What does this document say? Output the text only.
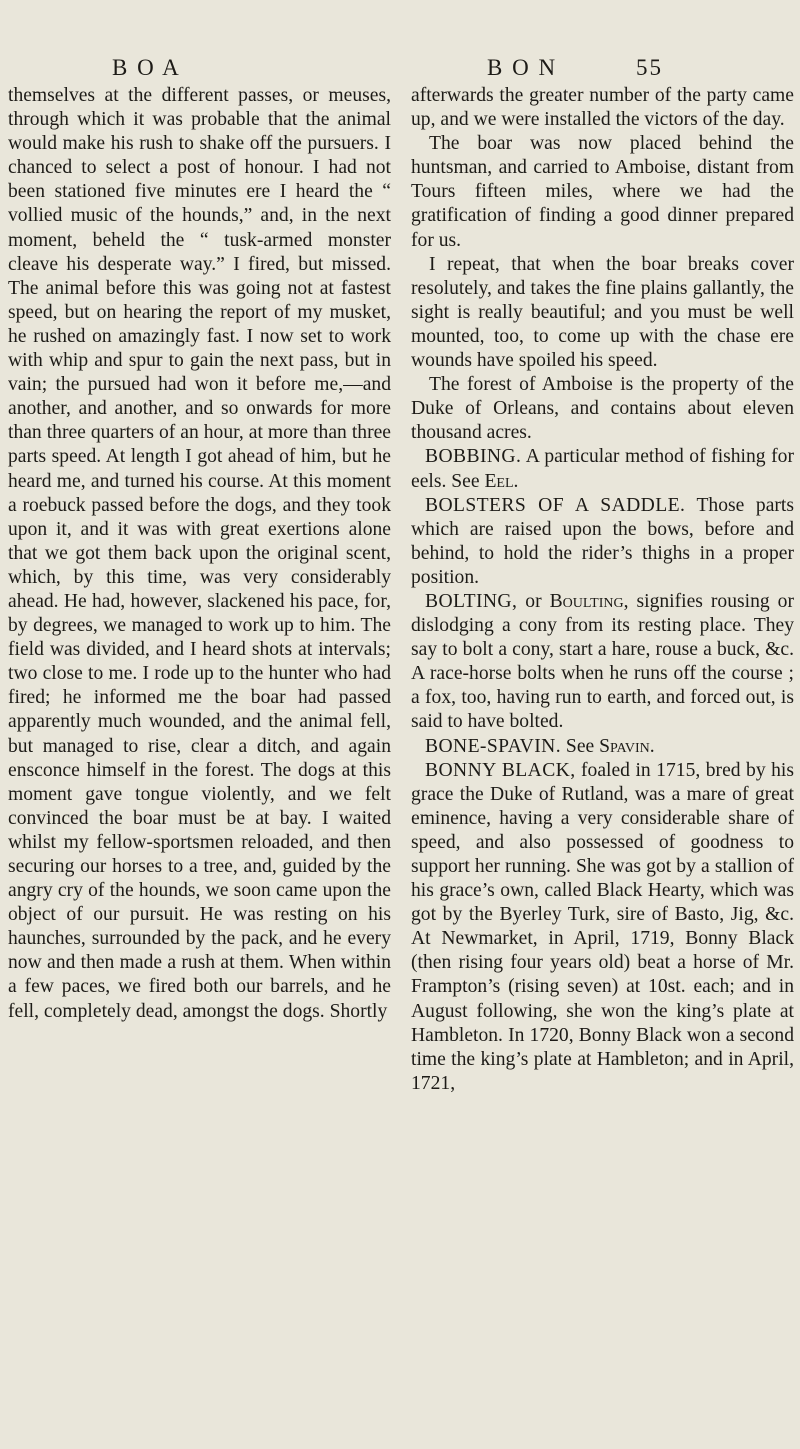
B O A	B O N	55

themselves at the different passes, or meuses, through which it was probable that the animal would make his rush to shake off the pursuers. I chanced to select a post of honour. I had not been stationed five minutes ere I heard the “ vollied music of the hounds,” and, in the next moment, beheld the “ tusk-armed monster cleave his desperate way.” I fired, but missed. The animal before this was going not at fastest speed, but on hearing the report of my musket, he rushed on amazingly fast. I now set to work with whip and spur to gain the next pass, but in vain; the pursued had won it before me,—and another, and another, and so onwards for more than three quarters of an hour, at more than three parts speed. At length I got ahead of him, but he heard me, and turned his course. At this moment a roebuck passed before the dogs, and they took upon it, and it was with great exertions alone that we got them back upon the original scent, which, by this time, was very considerably ahead. He had, however, slackened his pace, for, by degrees, we managed to work up to him. The field was divided, and I heard shots at intervals; two close to me. I rode up to the hunter who had fired; he informed me the boar had passed apparently much wounded, and the animal fell, but managed to rise, clear a ditch, and again ensconce himself in the forest. The dogs at this moment gave tongue violently, and we felt convinced the boar must be at bay. I waited whilst my fellow-sportsmen reloaded, and then securing our horses to a tree, and, guided by the angry cry of the hounds, we soon came upon the object of our pursuit. He was resting on his haunches, surrounded by the pack, and he every now and then made a rush at them. When within a few paces, we fired both our barrels, and he fell, completely dead, amongst the dogs. Shortly

afterwards the greater number of the party came up, and we were installed the victors of the day.

The boar was now placed behind the huntsman, and carried to Amboise, distant from Tours fifteen miles, where we had the gratification of finding a good dinner prepared for us.

I repeat, that when the boar breaks cover resolutely, and takes the fine plains gallantly, the sight is really beautiful; and you must be well mounted, too, to come up with the chase ere wounds have spoiled his speed.

The forest of Amboise is the property of the Duke of Orleans, and contains about eleven thousand acres.

BOBBING. A particular method of fishing for eels. See Eel.

BOLSTERS OF A SADDLE. Those parts which are raised upon the bows, before and behind, to hold the rider’s thighs in a proper position.

BOLTING, or Boulting, signifies rousing or dislodging a cony from its resting place. They say to bolt a cony, start a hare, rouse a buck, &c. A race-horse bolts when he runs off the course ; a fox, too, having run to earth, and forced out, is said to have bolted.

BONE-SPAVIN. See Spavin.

BONNY BLACK, foaled in 1715, bred by his grace the Duke of Rutland, was a mare of great eminence, having a very considerable share of speed, and also possessed of goodness to support her running. She was got by a stallion of his grace’s own, called Black Hearty, which was got by the Byerley Turk, sire of Basto, Jig, &c. At Newmarket, in April, 1719, Bonny Black (then rising four years old) beat a horse of Mr. Frampton’s (rising seven) at 10st. each; and in August following, she won the king’s plate at Hambleton. In 1720, Bonny Black won a second time the king’s plate at Hambleton; and in April, 1721,
